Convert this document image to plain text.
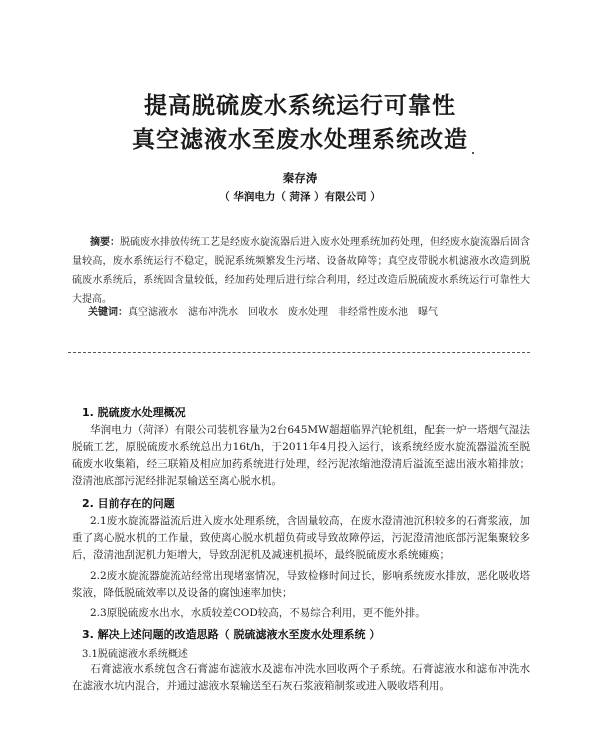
提高脱硫废水系统运行可靠性
真空滤液水至废水处理系统改造
秦存涛
（ 华润电力（ 菏泽 ）有限公司 ）
摘要：脱硫废水排放传统工艺是经废水旋流器后进入废水处理系统加药处理，但经废水旋流器后固含量较高，废水系统运行不稳定，脱泥系统频繁发生污堵、设备故障等；真空皮带脱水机滤液水改造到脱硫废水系统后，系统固含量较低，经加药处理后进行综合利用，经过改造后脱硫废水系统运行可靠性大大提高。
关键词：真空滤液水　滤布冲洗水　回收水　废水处理　非经常性废水池　曝气
1. 脱硫废水处理概况
华润电力（菏泽）有限公司装机容量为2台645MW超超临界汽轮机组，配套一炉一塔烟气湿法脱硫工艺，原脱硫废水系统总出力16t/h，于2011年4月投入运行，该系统经废水旋流器溢流至脱硫废水收集箱，经三联箱及相应加药系统进行处理，经污泥浓缩池澄清后溢流至滤出液水箱排放；澄清池底部污泥经排泥泵输送至离心脱水机。
2. 目前存在的问题
2.1废水旋流器溢流后进入废水处理系统，含固量较高，在废水澄清池沉积较多的石膏浆液，加重了离心脱水机的工作量，致使离心脱水机超负荷或导致故障停运，污泥澄清池底部污泥集聚较多后，澄清池刮泥机力矩增大，导致刮泥机及减速机损坏，最终脱硫废水系统瘫痪；
2.2废水旋流器旋流站经常出现堵塞情况，导致检修时间过长，影响系统废水排放，恶化吸收塔浆液，降低脱硫效率以及设备的腐蚀速率加快；
2.3原脱硫废水出水，水质较差COD较高，不易综合利用，更不能外排。
3. 解决上述问题的改造思路（ 脱硫滤液水至废水处理系统 ）
3.1脱硫滤液水系统概述
石膏滤液水系统包含石膏滤布滤液水及滤布冲洗水回收两个子系统。石膏滤液水和滤布冲洗水在滤液水坑内混合，并通过滤液水泵输送至石灰石浆液箱制浆或进入吸收塔利用。
